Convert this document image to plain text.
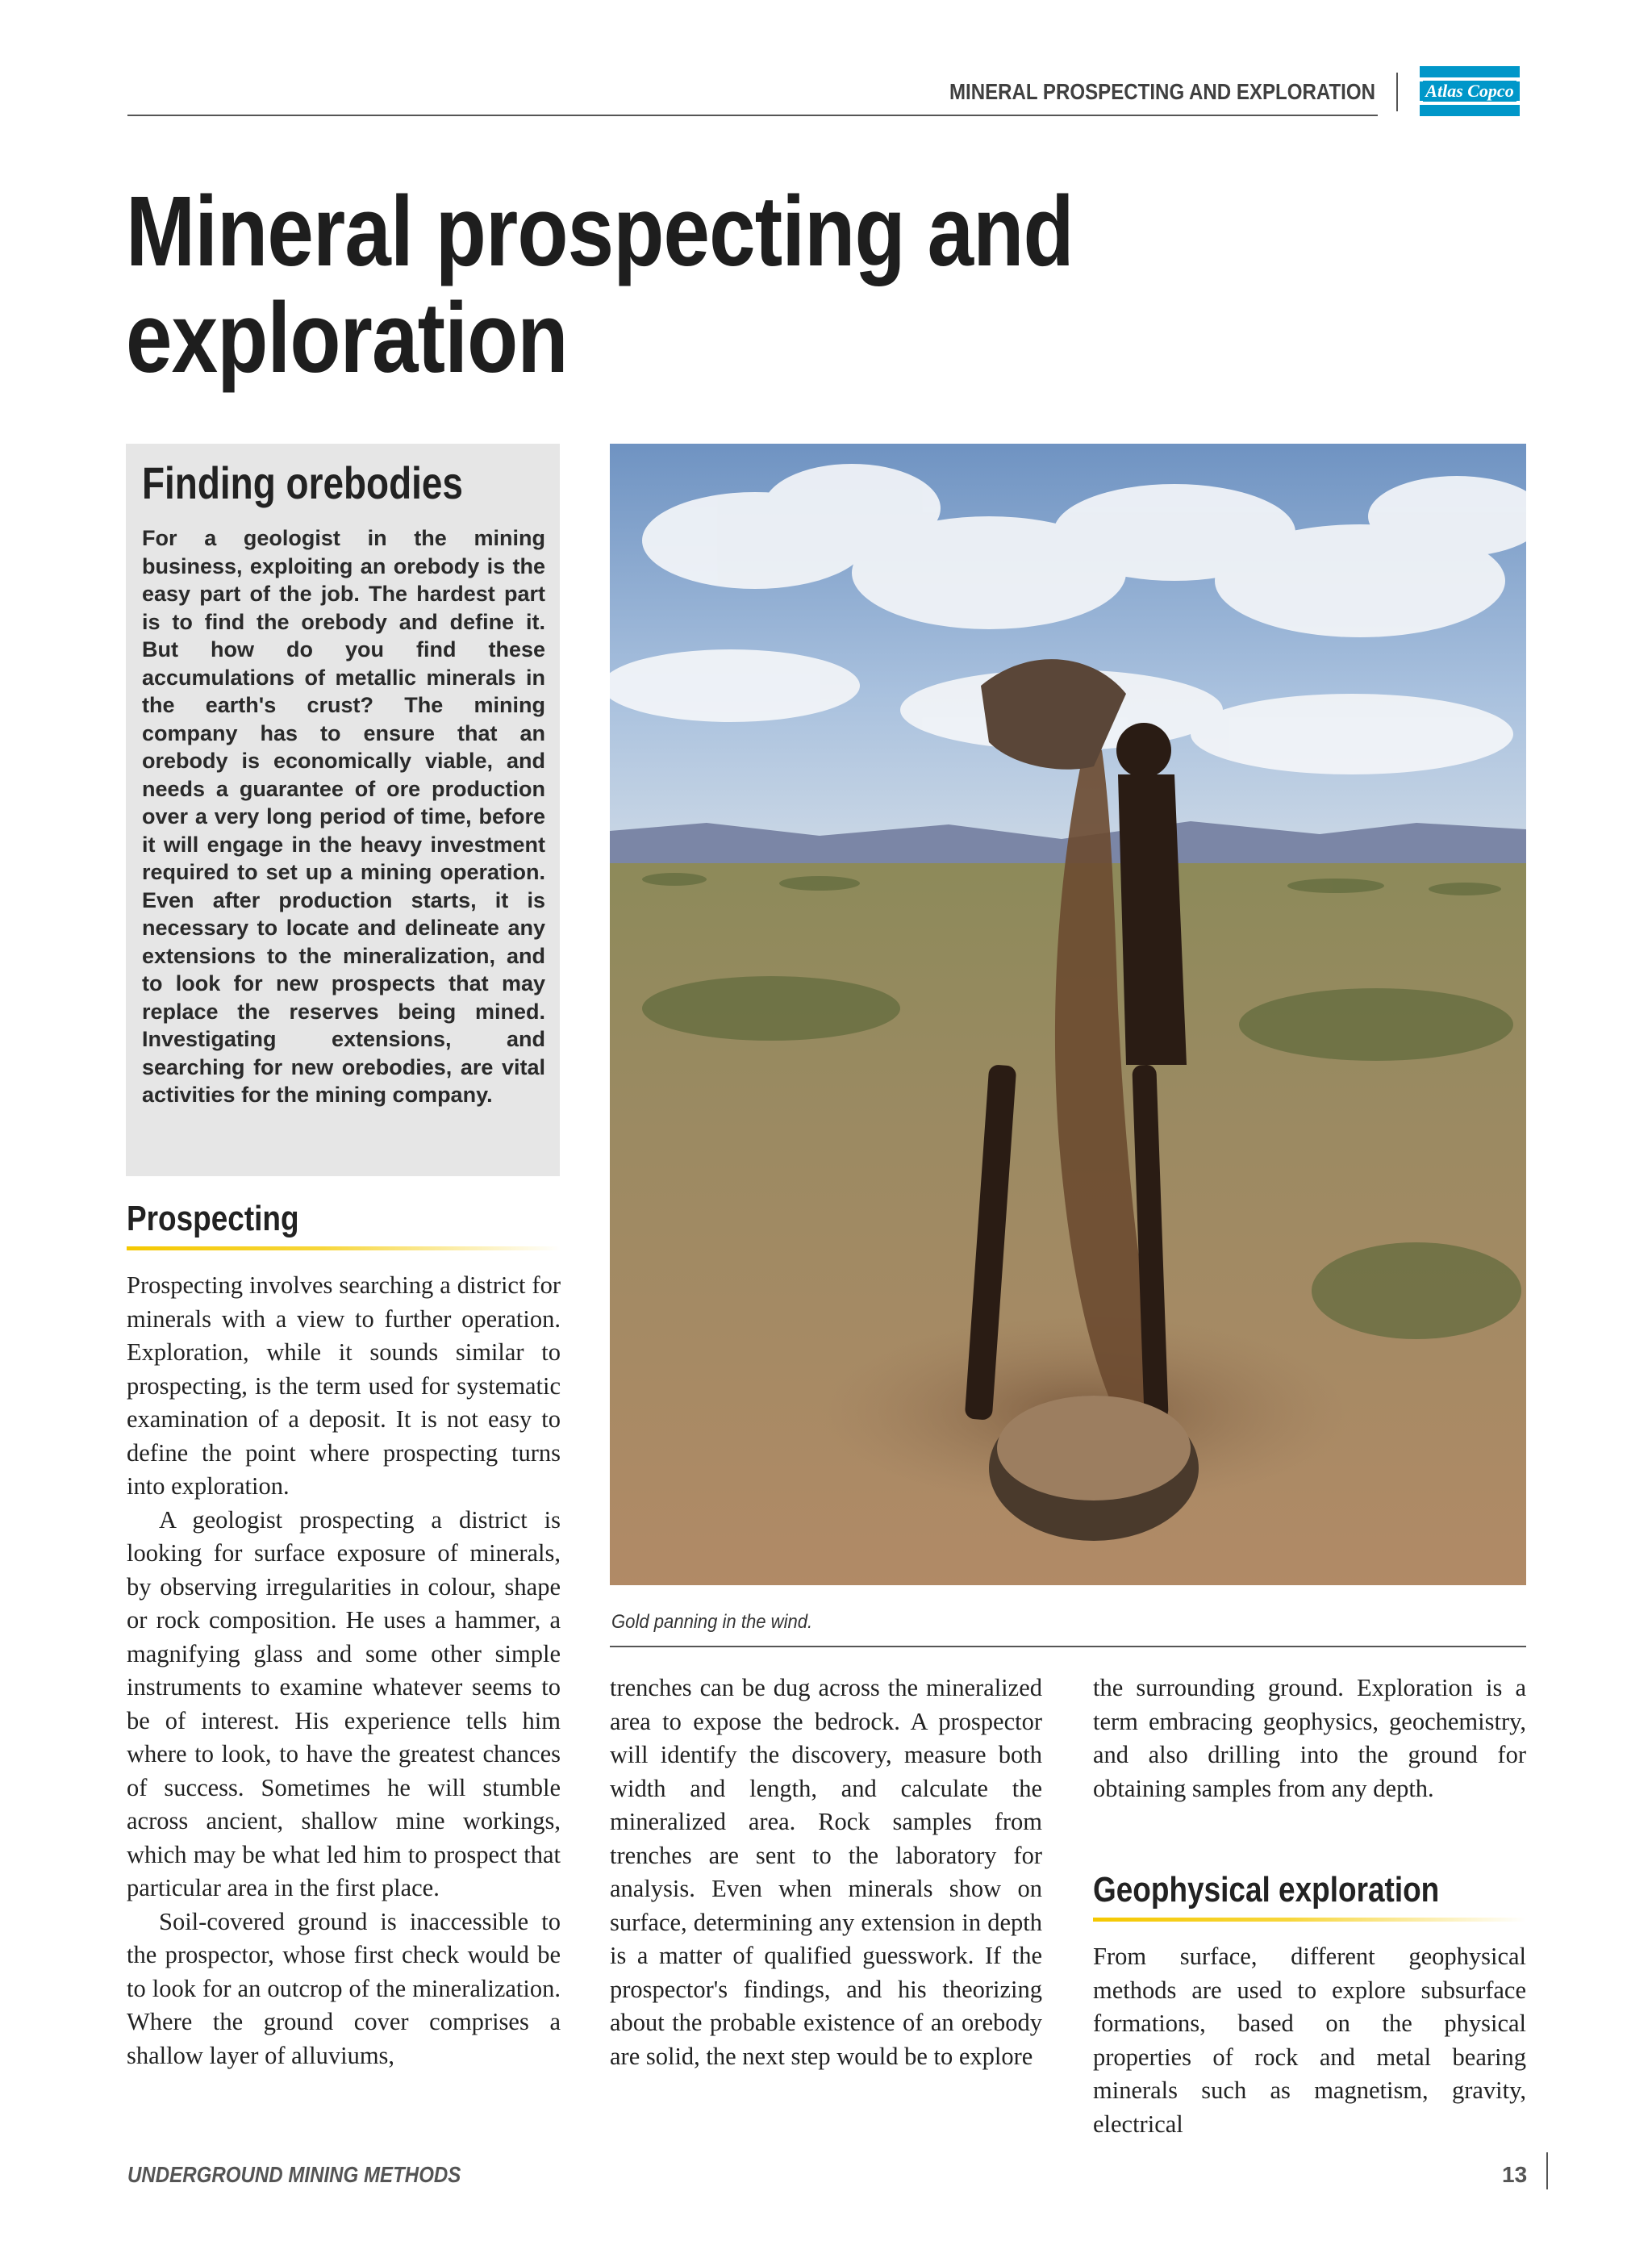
MINERAL PROSPECTING AND EXPLORATION	Atlas Copco
Mineral prospecting and exploration
Finding orebodies
For a geologist in the mining business, exploiting an orebody is the easy part of the job. The hardest part is to find the orebody and define it. But how do you find these accumulations of metallic minerals in the earth's crust? The mining company has to ensure that an orebody is economically viable, and needs a guarantee of ore production over a very long period of time, before it will engage in the heavy investment required to set up a mining operation. Even after production starts, it is necessary to locate and delineate any extensions to the mineralization, and to look for new prospects that may replace the reserves being mined. Investigating extensions, and searching for new orebodies, are vital activities for the mining company.
Prospecting

Prospecting involves searching a district for minerals with a view to further operation. Exploration, while it sounds similar to prospecting, is the term used for systematic examination of a deposit. It is not easy to define the point where prospecting turns into exploration.

A geologist prospecting a district is looking for surface exposure of minerals, by observing irregularities in colour, shape or rock composition. He uses a hammer, a magnifying glass and some other simple instruments to examine whatever seems to be of interest. His experience tells him where to look, to have the greatest chances of success. Sometimes he will stumble across ancient, shallow mine workings, which may be what led him to prospect that particular area in the first place.

Soil-covered ground is inaccessible to the prospector, whose first check would be to look for an outcrop of the mineralization. Where the ground cover comprises a shallow layer of alluviums,

Gold panning in the wind.

trenches can be dug across the mineralized area to expose the bedrock. A prospector will identify the discovery, measure both width and length, and calculate the mineralized area. Rock samples from trenches are sent to the laboratory for analysis. Even when minerals show on surface, determining any extension in depth is a matter of qualified guesswork. If the prospector's findings, and his theorizing about the probable existence of an orebody are solid, the next step would be to explore

the surrounding ground. Exploration is a term embracing geophysics, geochemistry, and also drilling into the ground for obtaining samples from any depth.

Geophysical exploration

From surface, different geophysical methods are used to explore subsurface formations, based on the physical properties of rock and metal bearing minerals such as magnetism, gravity, electrical

UNDERGROUND MINING METHODS	13
